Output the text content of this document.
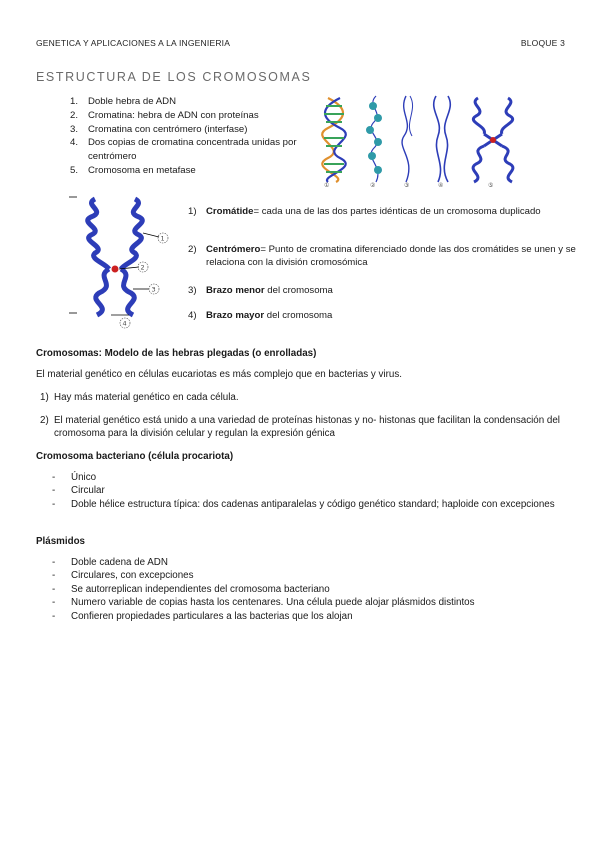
GENETICA Y APLICACIONES A LA INGENIERIA	BLOQUE 3
ESTRUCTURA DE LOS CROMOSOMAS
1.	Doble hebra de ADN
2.	Cromatina: hebra de ADN con proteínas
3.	Cromatina con centrómero (interfase)
4.	Dos copias de cromatina concentrada unidas por centrómero
5.	Cromosoma en metafase
①	②	③	④	⑤
1
2
3
4
1) Cromátide= cada una de las dos partes idénticas de un cromosoma duplicado
2) Centrómero= Punto de cromatina diferenciado donde las dos cromátides se unen y se relaciona con la división cromosómica
3) Brazo menor del cromosoma
4) Brazo mayor del cromosoma
Cromosomas: Modelo de las hebras plegadas (o enrolladas)
El material genético en células eucariotas es más complejo que en bacterias y virus.
1) Hay más material genético en cada célula.
2) El material genético está unido a una variedad de proteínas histonas y no- histonas que facilitan la condensación del cromosoma para la división celular y regulan la expresión génica
Cromosoma bacteriano (célula procariota)
- Único
- Circular
- Doble hélice estructura típica: dos cadenas antiparalelas y código genético standard; haploide con excepciones
Plásmidos
- Doble cadena de ADN
- Circulares, con excepciones
- Se autorreplican independientes del cromosoma bacteriano
- Numero variable de copias hasta los centenares. Una célula puede alojar plásmidos distintos
- Confieren propiedades particulares a las bacterias que los alojan
